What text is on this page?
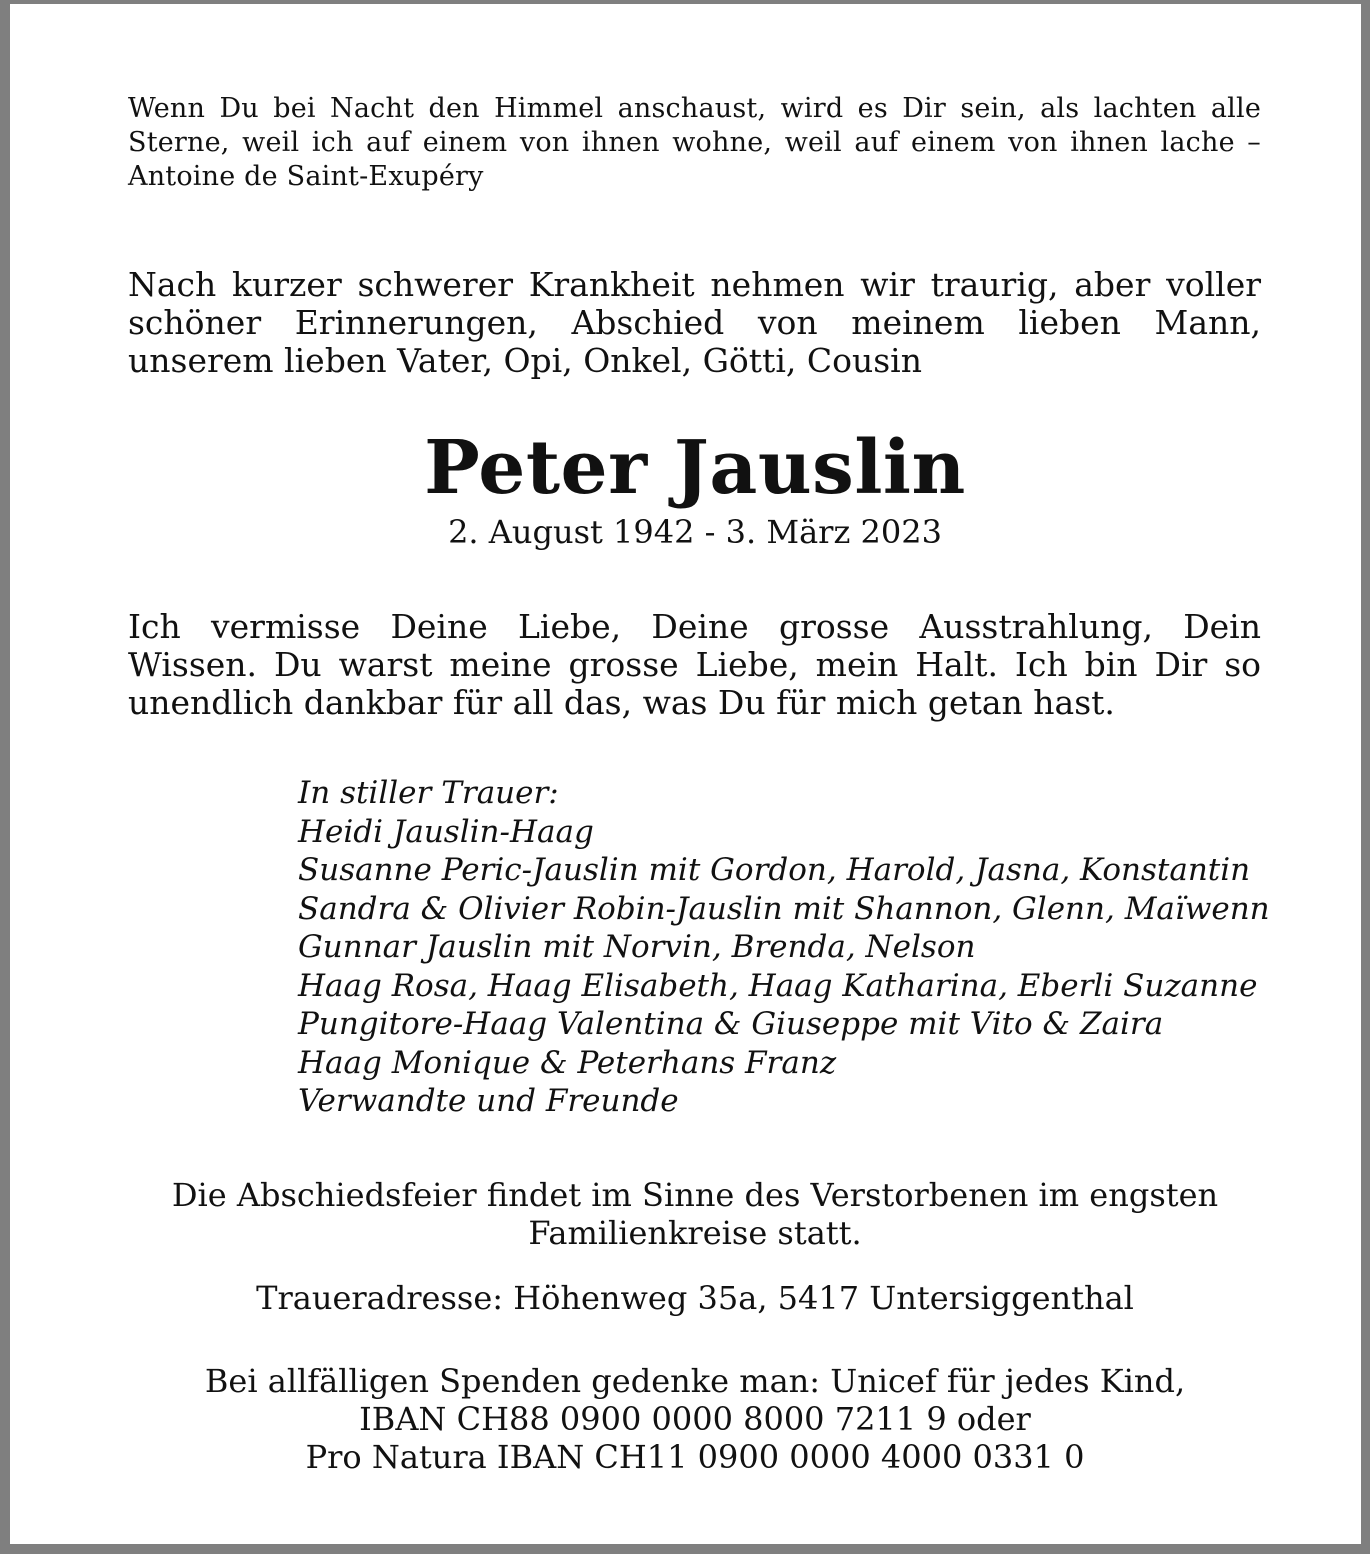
Wenn Du bei Nacht den Himmel anschaust, wird es Dir sein, als lachten alle Sterne, weil ich auf einem von ihnen wohne, weil auf einem von ihnen lache – Antoine de Saint-Exupéry

Nach kurzer schwerer Krankheit nehmen wir traurig, aber voller schöner Erinnerungen, Abschied von meinem lieben Mann, unserem lieben Vater, Opi, Onkel, Götti, Cousin

Peter Jauslin

2. August 1942 - 3. März 2023

Ich vermisse Deine Liebe, Deine grosse Ausstrahlung, Dein Wissen. Du warst meine grosse Liebe, mein Halt. Ich bin Dir so unendlich dankbar für all das, was Du für mich getan hast.

In stiller Trauer:
Heidi Jauslin-Haag
Susanne Peric-Jauslin mit Gordon, Harold, Jasna, Konstantin
Sandra & Olivier Robin-Jauslin mit Shannon, Glenn, Maïwenn
Gunnar Jauslin mit Norvin, Brenda, Nelson
Haag Rosa, Haag Elisabeth, Haag Katharina, Eberli Suzanne
Pungitore-Haag Valentina & Giuseppe mit Vito & Zaira
Haag Monique & Peterhans Franz
Verwandte und Freunde

Die Abschiedsfeier findet im Sinne des Verstorbenen im engsten
Familienkreise statt.

Traueradresse: Höhenweg 35a, 5417 Untersiggenthal

Bei allfälligen Spenden gedenke man: Unicef für jedes Kind,
IBAN CH88 0900 0000 8000 7211 9 oder
Pro Natura IBAN CH11 0900 0000 4000 0331 0
